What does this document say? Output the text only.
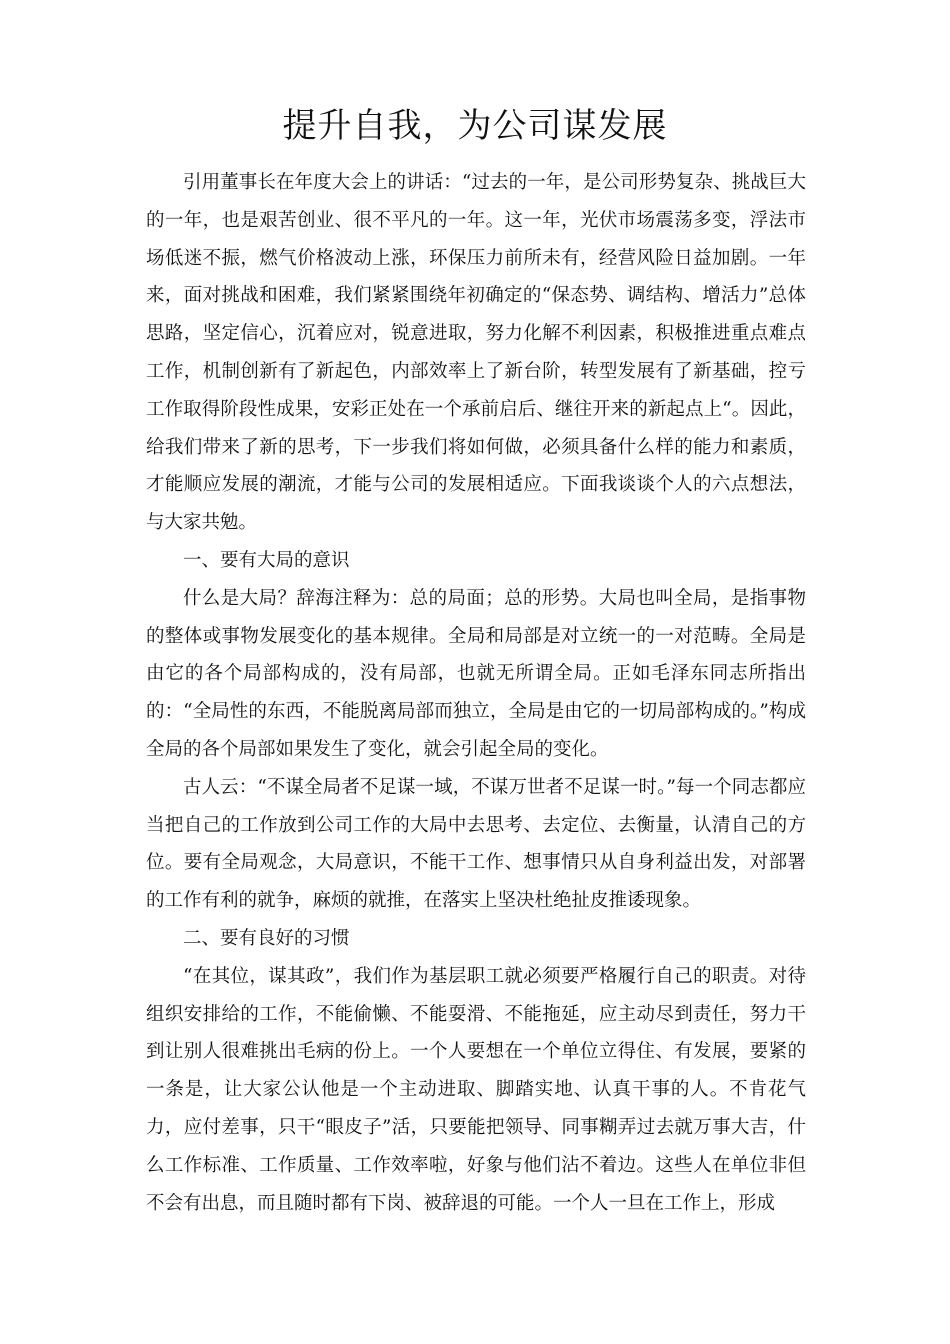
提升自我，为公司谋发展

引用董事长在年度大会上的讲话：“过去的一年，是公司形势复杂、挑战巨大的一年，也是艰苦创业、很不平凡的一年。这一年，光伏市场震荡多变，浮法市场低迷不振，燃气价格波动上涨，环保压力前所未有，经营风险日益加剧。一年来，面对挑战和困难，我们紧紧围绕年初确定的“保态势、调结构、增活力”总体思路，坚定信心，沉着应对，锐意进取，努力化解不利因素，积极推进重点难点工作，机制创新有了新起色，内部效率上了新台阶，转型发展有了新基础，控亏工作取得阶段性成果，安彩正处在一个承前启后、继往开来的新起点上“。因此，给我们带来了新的思考，下一步我们将如何做，必须具备什么样的能力和素质，才能顺应发展的潮流，才能与公司的发展相适应。下面我谈谈个人的六点想法，与大家共勉。

一、要有大局的意识

什么是大局？辞海注释为：总的局面；总的形势。大局也叫全局，是指事物的整体或事物发展变化的基本规律。全局和局部是对立统一的一对范畴。全局是由它的各个局部构成的，没有局部，也就无所谓全局。正如毛泽东同志所指出的：“全局性的东西，不能脱离局部而独立，全局是由它的一切局部构成的。”构成全局的各个局部如果发生了变化，就会引起全局的变化。

古人云：“不谋全局者不足谋一域，不谋万世者不足谋一时。”每一个同志都应当把自己的工作放到公司工作的大局中去思考、去定位、去衡量，认清自己的方位。要有全局观念，大局意识，不能干工作、想事情只从自身利益出发，对部署的工作有利的就争，麻烦的就推，在落实上坚决杜绝扯皮推诿现象。

二、要有良好的习惯

“在其位，谋其政”，我们作为基层职工就必须要严格履行自己的职责。对待组织安排给的工作，不能偷懒、不能耍滑、不能拖延，应主动尽到责任，努力干到让别人很难挑出毛病的份上。一个人要想在一个单位立得住、有发展，要紧的一条是，让大家公认他是一个主动进取、脚踏实地、认真干事的人。不肯花气力，应付差事，只干“眼皮子”活，只要能把领导、同事糊弄过去就万事大吉，什么工作标准、工作质量、工作效率啦，好象与他们沾不着边。这些人在单位非但不会有出息，而且随时都有下岗、被辞退的可能。一个人一旦在工作上，形成
